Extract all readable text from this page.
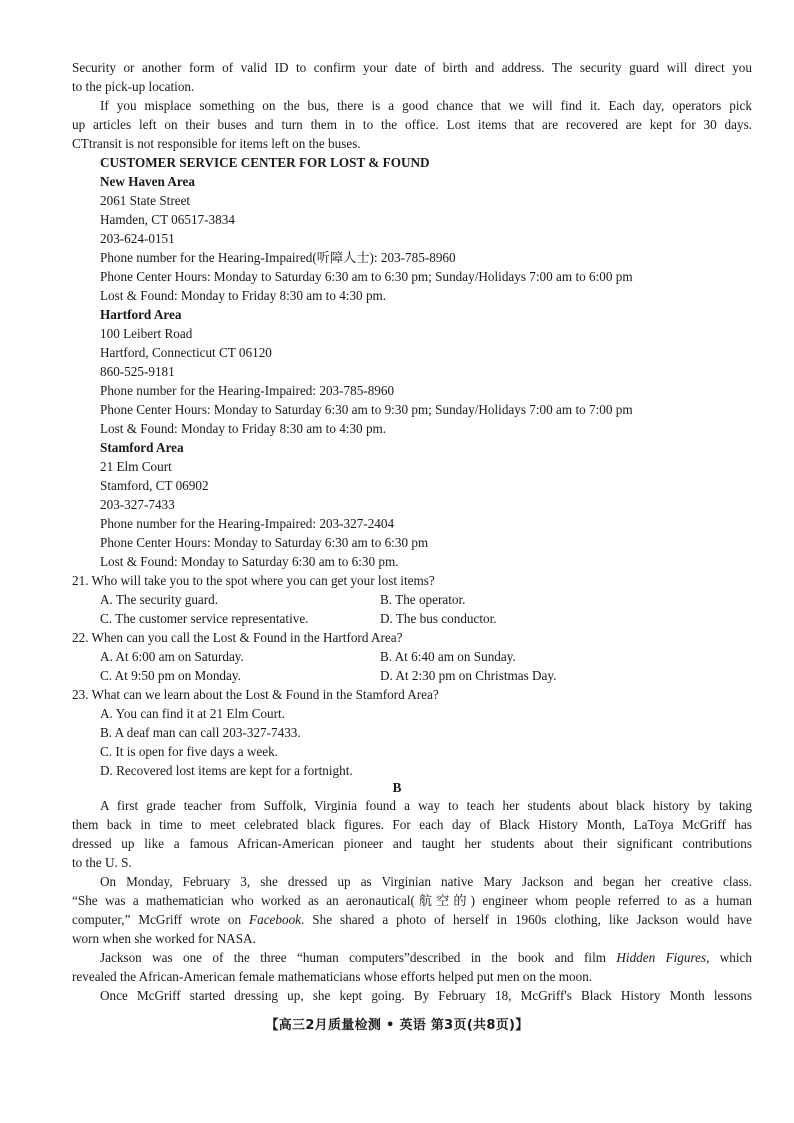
Security or another form of valid ID to confirm your date of birth and address. The security guard will direct you
to the pick-up location.
If you misplace something on the bus, there is a good chance that we will find it. Each day, operators pick
up articles left on their buses and turn them in to the office. Lost items that are recovered are kept for 30 days.
CTtransit is not responsible for items left on the buses.
CUSTOMER SERVICE CENTER FOR LOST & FOUND
New Haven Area
2061 State Street
Hamden, CT 06517-3834
203-624-0151
Phone number for the Hearing-Impaired(听障人士): 203-785-8960
Phone Center Hours: Monday to Saturday 6:30 am to 6:30 pm; Sunday/Holidays 7:00 am to 6:00 pm
Lost & Found: Monday to Friday 8:30 am to 4:30 pm.
Hartford Area
100 Leibert Road
Hartford, Connecticut CT 06120
860-525-9181
Phone number for the Hearing-Impaired: 203-785-8960
Phone Center Hours: Monday to Saturday 6:30 am to 9:30 pm; Sunday/Holidays 7:00 am to 7:00 pm
Lost & Found: Monday to Friday 8:30 am to 4:30 pm.
Stamford Area
21 Elm Court
Stamford, CT 06902
203-327-7433
Phone number for the Hearing-Impaired: 203-327-2404
Phone Center Hours: Monday to Saturday 6:30 am to 6:30 pm
Lost & Found: Monday to Saturday 6:30 am to 6:30 pm.
21. Who will take you to the spot where you can get your lost items?
A. The security guard.	B. The operator.
C. The customer service representative.	D. The bus conductor.
22. When can you call the Lost & Found in the Hartford Area?
A. At 6:00 am on Saturday.	B. At 6:40 am on Sunday.
C. At 9:50 pm on Monday.	D. At 2:30 pm on Christmas Day.
23. What can we learn about the Lost & Found in the Stamford Area?
A. You can find it at 21 Elm Court.
B. A deaf man can call 203-327-7433.
C. It is open for five days a week.
D. Recovered lost items are kept for a fortnight.
B
A first grade teacher from Suffolk, Virginia found a way to teach her students about black history by taking
them back in time to meet celebrated black figures. For each day of Black History Month, LaToya McGriff has
dressed up like a famous African-American pioneer and taught her students about their significant contributions
to the U. S.
On Monday, February 3, she dressed up as Virginian native Mary Jackson and began her creative class.
“She was a mathematician who worked as an aeronautical(航空的) engineer whom people referred to as a human
computer,” McGriff wrote on Facebook. She shared a photo of herself in 1960s clothing, like Jackson would have
worn when she worked for NASA.
Jackson was one of the three “human computers”described in the book and film Hidden Figures, which
revealed the African-American female mathematicians whose efforts helped put men on the moon.
Once McGriff started dressing up, she kept going. By February 18, McGriff's Black History Month lessons
【高三2月质量检测 • 英语 第3页(共8页)】
